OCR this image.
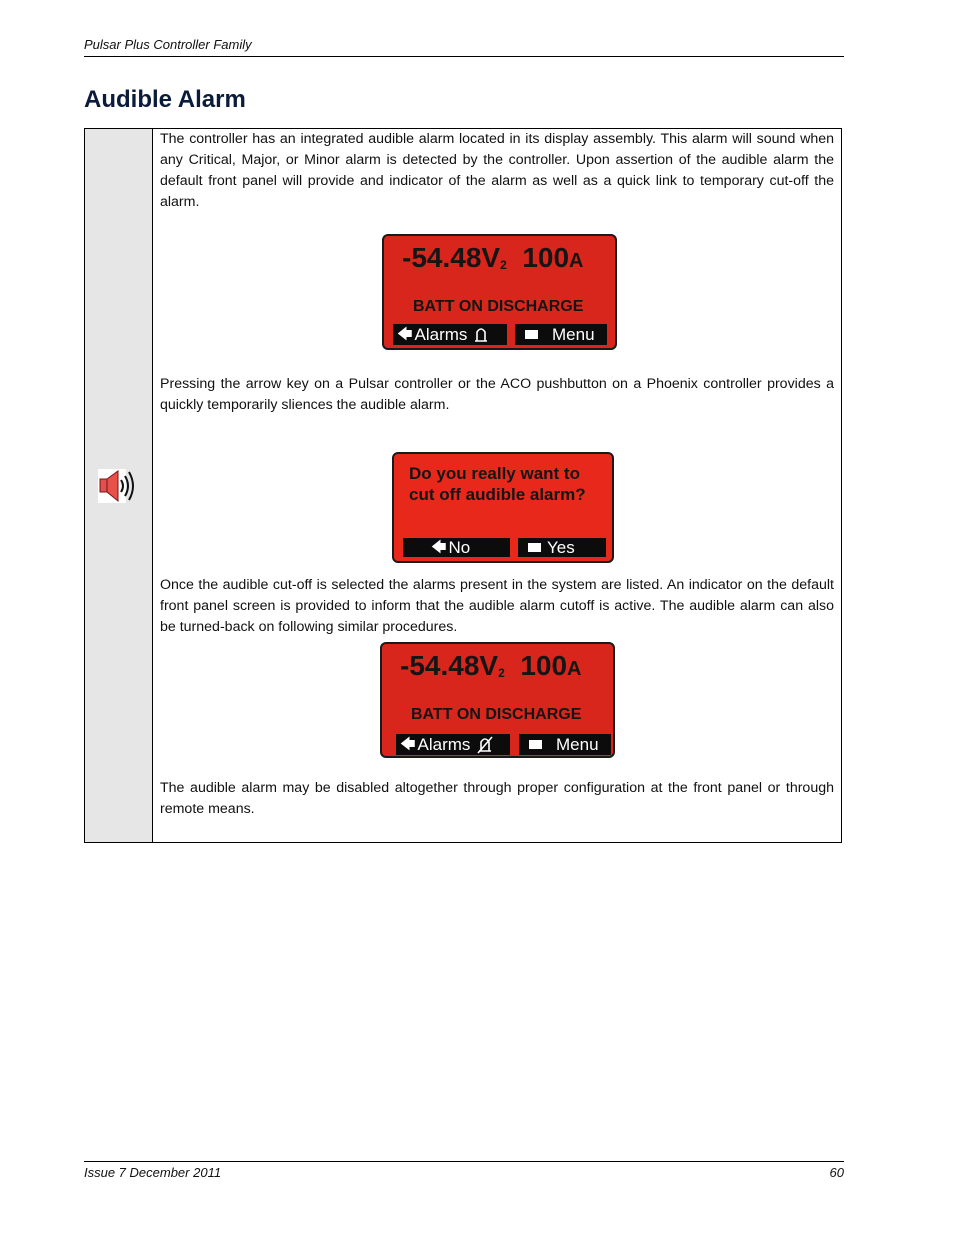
Pulsar Plus Controller Family
Audible Alarm

The controller has an integrated audible alarm located in its display assembly. This alarm will sound when any Critical, Major, or Minor alarm is detected by the controller. Upon assertion of the audible alarm the default front panel will provide and indicator of the alarm as well as a quick link to temporary cut-off the alarm.

$-54.48V_2$ 100A
BATT ON DISCHARGE
🡄 Alarms	Menu

Pressing the arrow key on a Pulsar controller or the ACO pushbutton on a Phoenix controller provides a quickly temporarily sliences the audible alarm.

Do you really want to
cut off audible alarm?
🡄 No	Yes

Once the audible cut-off is selected the alarms present in the system are listed. An indicator on the default front panel screen is provided to inform that the audible alarm cutoff is active. The audible alarm can also be turned-back on following similar procedures.

$-54.48V_2$ 100A
BATT ON DISCHARGE
🡄 Alarms	Menu

The audible alarm may be disabled altogether through proper configuration at the front panel or through remote means.

Issue 7 December 2011	60
